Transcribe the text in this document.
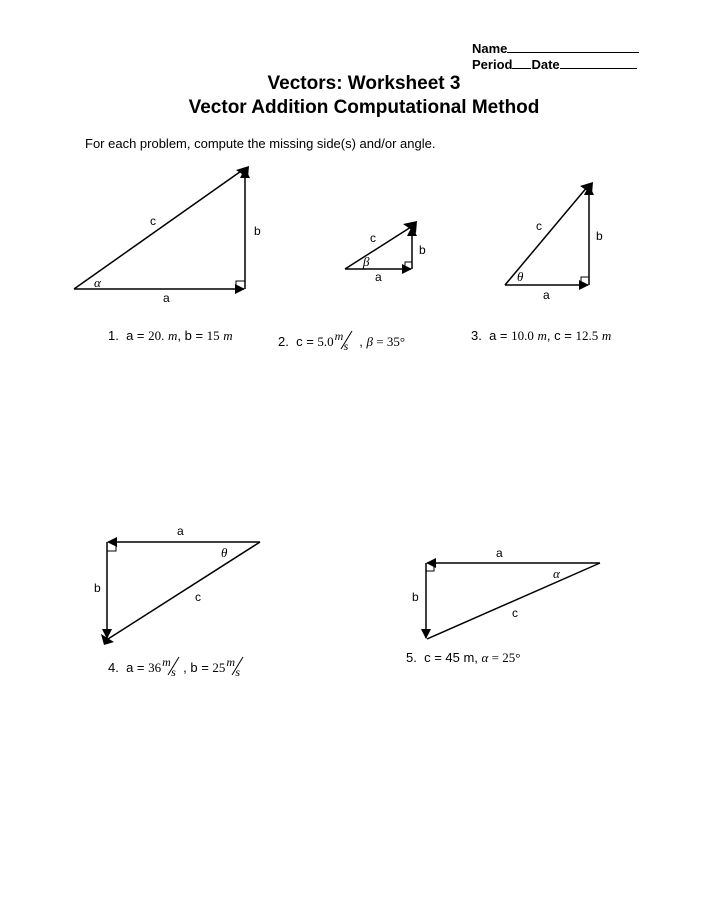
Name
Period Date
Vectors: Worksheet 3
Vector Addition Computational Method
For each problem, compute the missing side(s) and/or angle.
c
b
a
α
c
b
a
β
c
b
a
θ
a
b
c
θ	a
b
c
α
1. a = 20. m, b = 15 m	2. c = 5.0 m
s , β = 35°	3. a = 10.0 m, c = 12.5 m
4. a = 36 m
s , b = 25 m
s
5. c = 45 m, α = 25°
